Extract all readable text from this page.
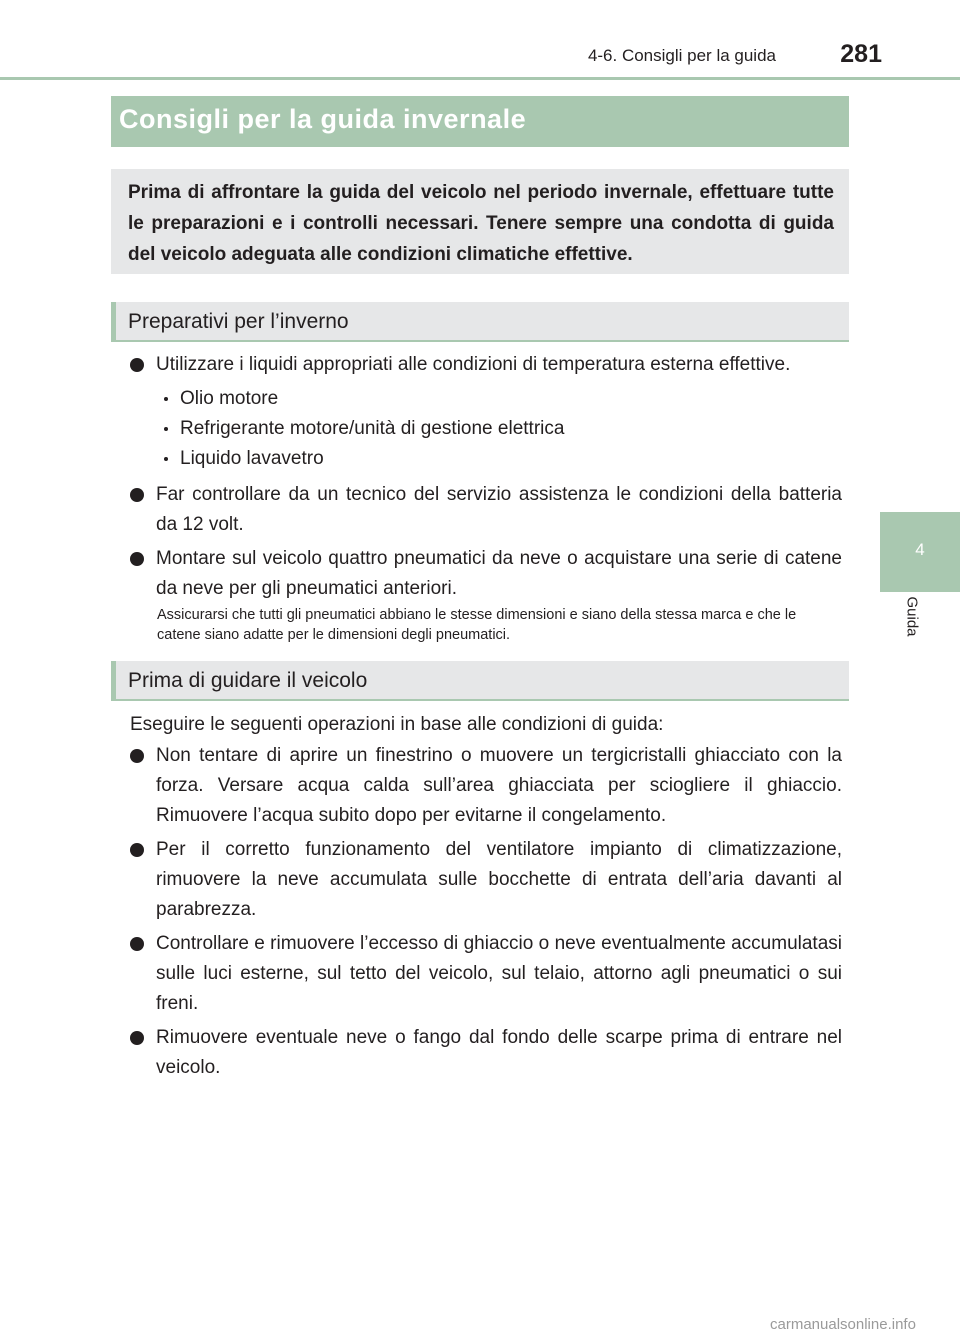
4-6. Consigli per la guida	281
4
Guida
Consigli per la guida invernale

Prima di affrontare la guida del veicolo nel periodo invernale, effettuare tutte le preparazioni e i controlli necessari. Tenere sempre una condotta di guida del veicolo adeguata alle condizioni climatiche effettive.

Preparativi per l’inverno
Utilizzare i liquidi appropriati alle condizioni di temperatura esterna effettive.
Olio motore
Refrigerante motore/unità di gestione elettrica
Liquido lavavetro
Far controllare da un tecnico del servizio assistenza le condizioni della batteria da 12 volt.
Montare sul veicolo quattro pneumatici da neve o acquistare una serie di catene da neve per gli pneumatici anteriori.
Assicurarsi che tutti gli pneumatici abbiano le stesse dimensioni e siano della stessa marca e che le catene siano adatte per le dimensioni degli pneumatici.
Prima di guidare il veicolo
Eseguire le seguenti operazioni in base alle condizioni di guida:
Non tentare di aprire un finestrino o muovere un tergicristalli ghiacciato con la forza. Versare acqua calda sull’area ghiacciata per sciogliere il ghiaccio. Rimuovere l’acqua subito dopo per evitarne il congelamento.
Per il corretto funzionamento del ventilatore impianto di climatizzazione, rimuovere la neve accumulata sulle bocchette di entrata dell’aria davanti al parabrezza.
Controllare e rimuovere l’eccesso di ghiaccio o neve eventualmente accumulatasi sulle luci esterne, sul tetto del veicolo, sul telaio, attorno agli pneumatici o sui freni.
Rimuovere eventuale neve o fango dal fondo delle scarpe prima di entrare nel veicolo.
carmanualsonline.info
